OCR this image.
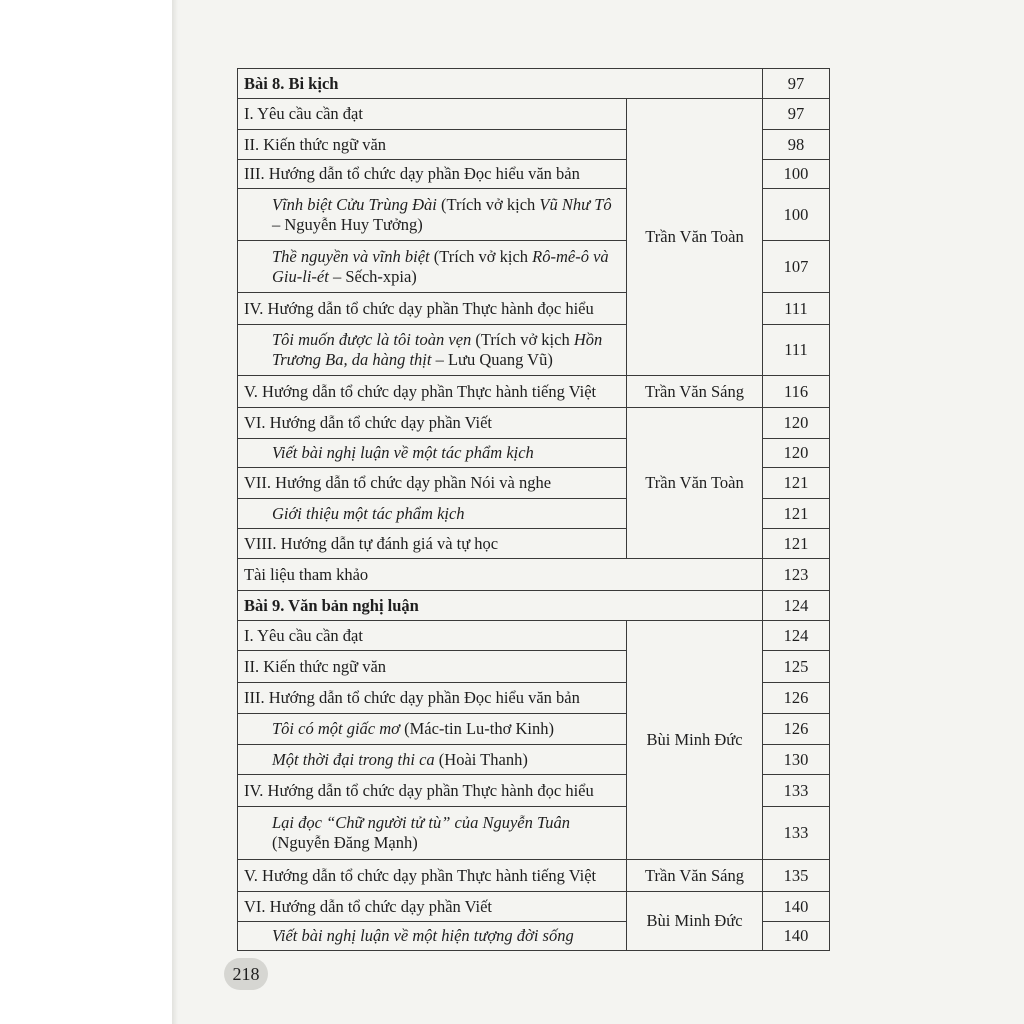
Bài 8. Bi kịch		97
I. Yêu cầu cần đạt	Trần Văn Toàn	97
II. Kiến thức ngữ văn		98
III. Hướng dẫn tổ chức dạy phần Đọc hiểu văn bản		100
Vĩnh biệt Cửu Trùng Đài (Trích vở kịch Vũ Như Tô – Nguyễn Huy Tưởng)		100
Thề nguyền và vĩnh biệt (Trích vở kịch Rô-mê-ô và Giu-li-ét – Sếch-xpia)		107
IV. Hướng dẫn tổ chức dạy phần Thực hành đọc hiểu		111
Tôi muốn được là tôi toàn vẹn (Trích vở kịch Hồn Trương Ba, da hàng thịt – Lưu Quang Vũ)		111
V. Hướng dẫn tổ chức dạy phần Thực hành tiếng Việt	Trần Văn Sáng	116
VI. Hướng dẫn tổ chức dạy phần Viết	Trần Văn Toàn	120
Viết bài nghị luận về một tác phẩm kịch		120
VII. Hướng dẫn tổ chức dạy phần Nói và nghe		121
Giới thiệu một tác phẩm kịch		121
VIII. Hướng dẫn tự đánh giá và tự học		121
Tài liệu tham khảo		123
Bài 9. Văn bản nghị luận		124
I. Yêu cầu cần đạt	Bùi Minh Đức	124
II. Kiến thức ngữ văn		125
III. Hướng dẫn tổ chức dạy phần Đọc hiểu văn bản		126
Tôi có một giấc mơ (Mác-tin Lu-thơ Kinh)		126
Một thời đại trong thi ca (Hoài Thanh)		130
IV. Hướng dẫn tổ chức dạy phần Thực hành đọc hiểu		133
Lại đọc “Chữ người tử tù” của Nguyễn Tuân (Nguyễn Đăng Mạnh)		133
V. Hướng dẫn tổ chức dạy phần Thực hành tiếng Việt	Trần Văn Sáng	135
VI. Hướng dẫn tổ chức dạy phần Viết	Bùi Minh Đức	140
Viết bài nghị luận về một hiện tượng đời sống		140
218
